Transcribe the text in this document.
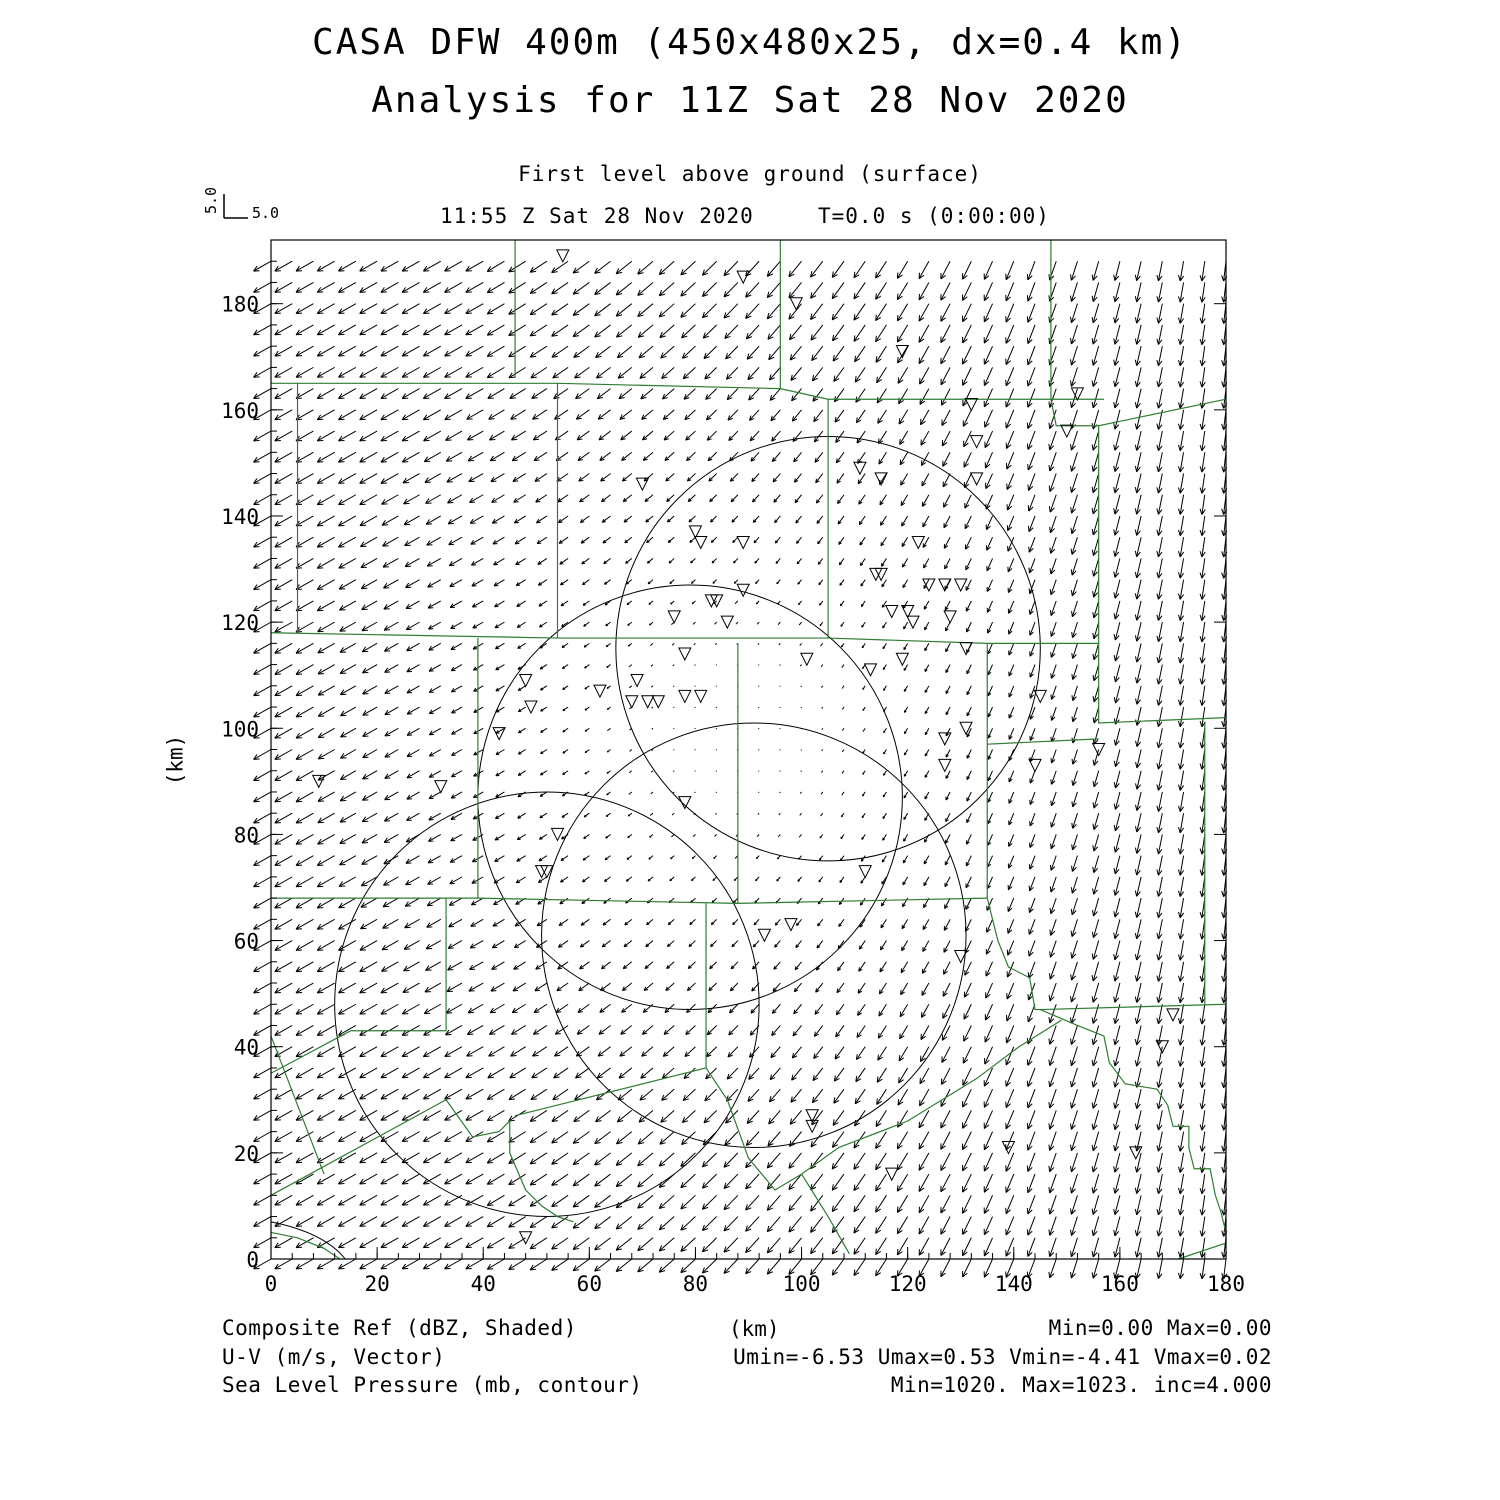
CASA DFW 400m (450x480x25, dx=0.4 km)
Analysis for 11Z Sat 28 Nov 2020
First level above ground (surface)
11:55 Z Sat 28 Nov 2020	T=0.0 s (0:00:00)
5.0 5.0
0	20	40	60	80	100	120	140	160	180
0
20
40
60
80
100
120
140
160
180
(km)
(km)
Composite Ref (dBZ, Shaded)
U-V (m/s, Vector)
Sea Level Pressure (mb, contour)
Min=0.00 Max=0.00
Umin=-6.53 Umax=0.53 Vmin=-4.41 Vmax=0.02
Min=1020. Max=1023. inc=4.000
